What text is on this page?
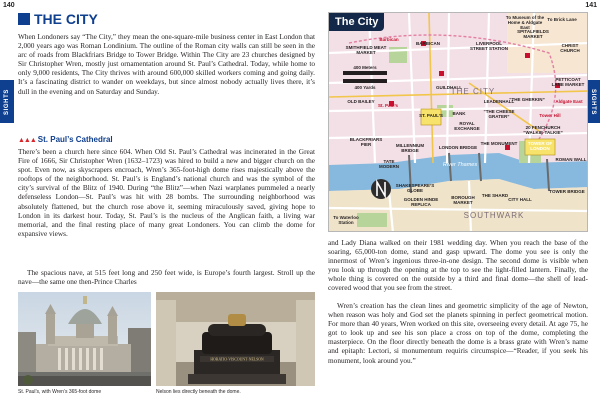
140	141
SIGHTS	SIGHTS
THE CITY

When Londoners say “The City,” they mean the one-square-mile business center in East London that 2,000 years ago was Roman Londinium. The outline of the Roman city walls can still be seen in the arc of roads from Blackfriars Bridge to Tower Bridge. Within The City are 23 churches designed by Sir Christopher Wren, mostly just ornamentation around St. Paul’s Cathedral. Today, while home to only 9,000 residents, The City thrives with around 600,000 skilled workers coming and going daily. It’s a fascinating district to wander on weekdays, but since almost nobody actually lives there, it’s dull in the evening and on Saturday and Sunday.

▲▲▲ St. Paul’s Cathedral

There’s been a church here since 604. When Old St. Paul’s Cathedral was incinerated in the Great Fire of 1666, Sir Christopher Wren (1632–1723) was hired to build a new and bigger church on the spot. Even now, as skyscrapers encroach, Wren’s 365-foot-high dome rises majestically above the rooftops of the neighborhood. St. Paul’s is England’s national church and was the symbol of the city’s survival of the Blitz of 1940. During “the Blitz”—when Nazi warplanes pummeled a nearly defenseless London—St. Paul’s was hit with 28 bombs. The surrounding neighborhood was absolutely flattened, but the church rose above it, seeming miraculously saved, giving hope to London in its darkest hour. Today, St. Paul’s is the nucleus of the Anglican faith, a living war memorial, and the final resting place of many great Londoners. You can climb the dome for expansive views.

The spacious nave, at 515 feet long and 250 feet wide, is Europe’s fourth largest. Stroll up the nave—the same one then-Prince Charles

and Lady Diana walked on their 1981 wedding day. When you reach the base of the soaring, 65,000-ton dome, stand and gasp upward. The dome you see is only the innermost of Wren’s ingenious three-in-one design. The second dome is visible when you look up through the opening at the top to see the light-filled lantern. Finally, the whole thing is covered on the outside by a third and final dome—the shell of lead-covered wood that you see from the street.

Wren’s creation has the clean lines and geometric simplicity of the age of Newton, when reason was holy and God set the planets spinning in perfect geometrical motion. For more than 40 years, Wren worked on this site, overseeing every detail. At age 75, he got to look up and see his son place a cross on top of the dome, completing the masterpiece. On the floor directly beneath the dome is a brass grate with Wren’s name and epitaph: Lectori, si monumentum requiris circumspice—“Reader, if you seek his monument, look around you.”

HORATIO·VISCOUNT·NELSON
St. Paul’s, with Wren’s 365-foot dome	Nelson lies directly beneath the dome.
The City	To Museum of the Home & Aldgate East
To Brick Lane
Barbican
SMITHFIELD MEAT MARKET
BARBICAN	LIVERPOOL STREET STATION
SPITALFIELDS MARKET
CHRIST CHURCH
400 Meters
400 Yards
St. Paul’s
GUILDHALL
THE CITY
PETTICOAT LANE MARKET
OLD BAILEY
ST. PAUL’S	BANK
“THE GHERKIN”
LEADENHALL	Aldgate East
“THE CHEESE GRATER”
ROYAL EXCHANGE	20 FENCHURCH “WALKIE-TALKIE”
THE MONUMENT
Tower Hill
BLACKFRIARS PIER	MILLENNIUM BRIDGE
LONDON BRIDGE
TOWER OF LONDON
River Thames
TATE MODERN
SHAKESPEARE’S GLOBE
GOLDEN HINDE REPLICA
BOROUGH MARKET
THE SHARD
TOWER BRIDGE
CITY HALL
SOUTHWARK
To Waterloo Station
ROMAN WALL
